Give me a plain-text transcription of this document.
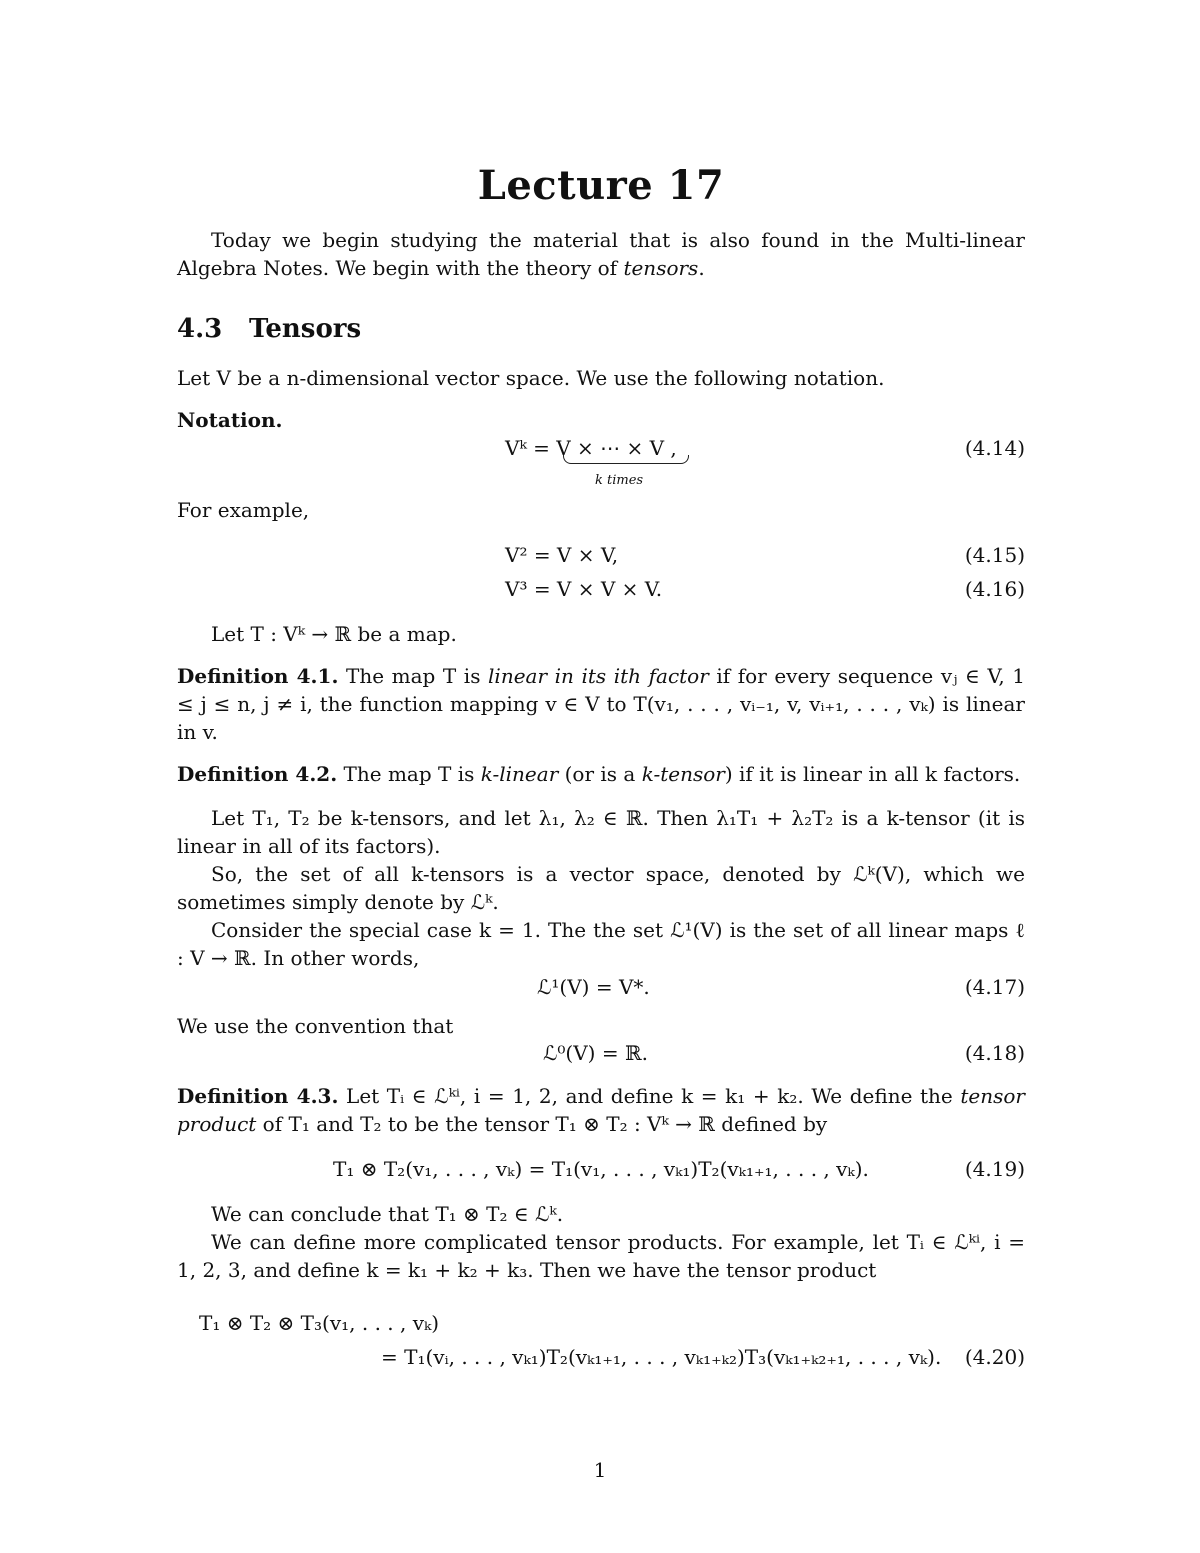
Lecture 17
Today we begin studying the material that is also found in the Multi-linear Algebra Notes. We begin with the theory of tensors.
4.3 Tensors
Let V be a n-dimensional vector space. We use the following notation.
Notation.
Vᵏ = V × ⋯ × V ,
k times
(4.14)
For example,
V² = V × V,	(4.15)
V³ = V × V × V.	(4.16)
Let T : Vᵏ → ℝ be a map.
Definition 4.1. The map T is linear in its ith factor if for every sequence vⱼ ∈ V, 1 ≤ j ≤ n, j ≠ i, the function mapping v ∈ V to T(v₁, . . . , vᵢ₋₁, v, vᵢ₊₁, . . . , vₖ) is linear in v.
Definition 4.2. The map T is k-linear (or is a k-tensor) if it is linear in all k factors.
Let T₁, T₂ be k-tensors, and let λ₁, λ₂ ∈ ℝ. Then λ₁T₁ + λ₂T₂ is a k-tensor (it is linear in all of its factors).
So, the set of all k-tensors is a vector space, denoted by ℒᵏ(V), which we sometimes simply denote by ℒᵏ.
Consider the special case k = 1. The the set ℒ¹(V) is the set of all linear maps ℓ : V → ℝ. In other words,
ℒ¹(V) = V*.	(4.17)
We use the convention that
ℒ⁰(V) = ℝ.	(4.18)
Definition 4.3. Let Tᵢ ∈ ℒᵏⁱ, i = 1, 2, and define k = k₁ + k₂. We define the tensor product of T₁ and T₂ to be the tensor T₁ ⊗ T₂ : Vᵏ → ℝ defined by
T₁ ⊗ T₂(v₁, . . . , vₖ) = T₁(v₁, . . . , vₖ₁)T₂(vₖ₁₊₁, . . . , vₖ).	(4.19)
We can conclude that T₁ ⊗ T₂ ∈ ℒᵏ.
We can define more complicated tensor products. For example, let Tᵢ ∈ ℒᵏⁱ, i = 1, 2, 3, and define k = k₁ + k₂ + k₃. Then we have the tensor product
T₁ ⊗ T₂ ⊗ T₃(v₁, . . . , vₖ)
= T₁(vᵢ, . . . , vₖ₁)T₂(vₖ₁₊₁, . . . , vₖ₁₊ₖ₂)T₃(vₖ₁₊ₖ₂₊₁, . . . , vₖ). (4.20)
1
